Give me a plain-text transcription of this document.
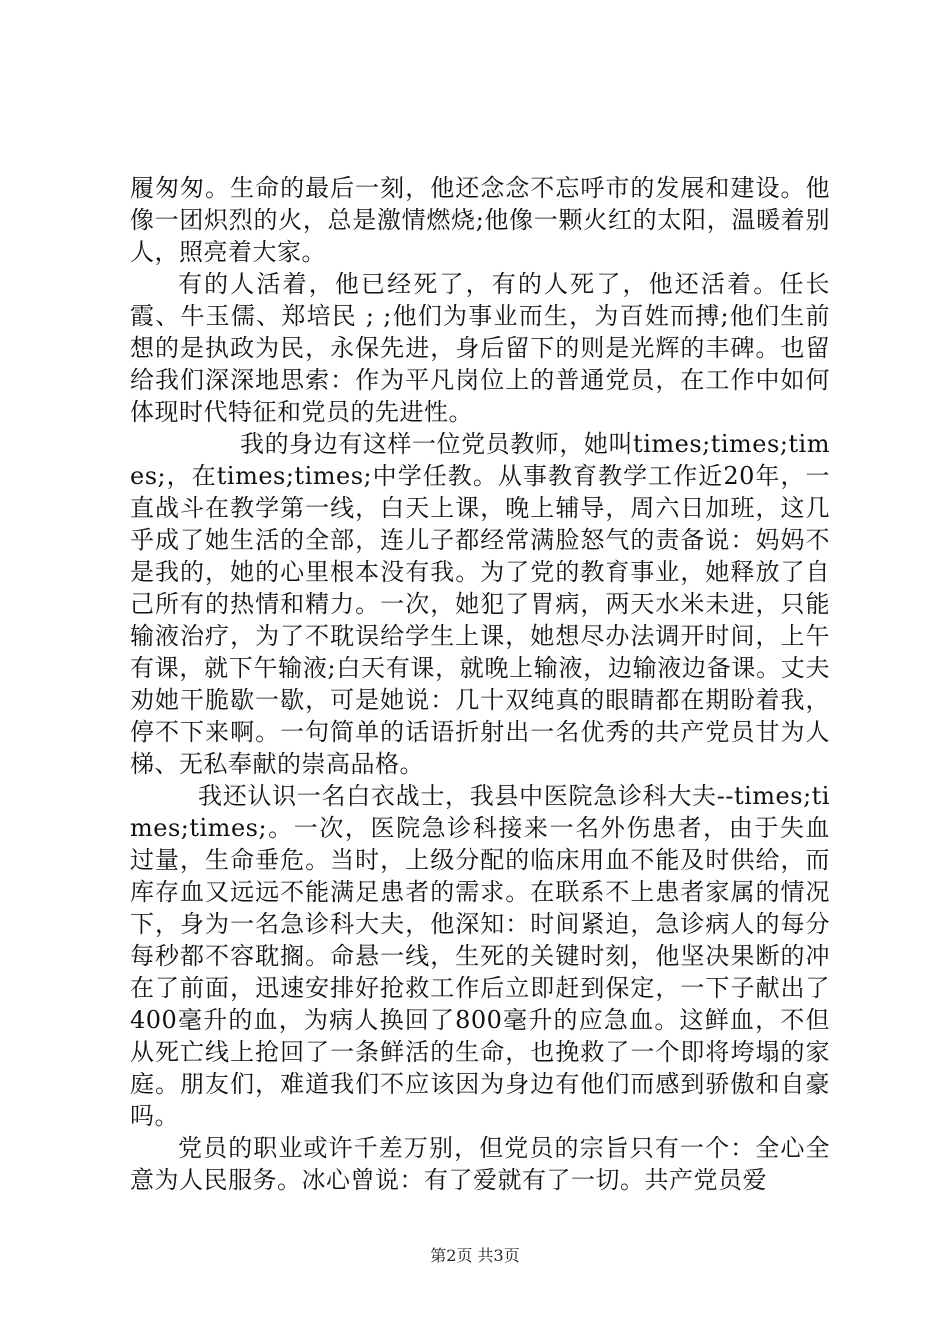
履匆匆。生命的最后一刻，他还念念不忘呼市的发展和建设。他像一团炽烈的火，总是激情燃烧;他像一颗火红的太阳，温暖着别人，照亮着大家。

有的人活着，他已经死了，有的人死了，他还活着。任长霞、牛玉儒、郑培民 ; ;他们为事业而生，为百姓而搏;他们生前想的是执政为民，永保先进，身后留下的则是光辉的丰碑。也留给我们深深地思索：作为平凡岗位上的普通党员，在工作中如何体现时代特征和党员的先进性。

我的身边有这样一位党员教师，她叫times;times;times;，在times;times;中学任教。从事教育教学工作近20年，一直战斗在教学第一线，白天上课，晚上辅导，周六日加班，这几乎成了她生活的全部，连儿子都经常满脸怒气的责备说：妈妈不是我的，她的心里根本没有我。为了党的教育事业，她释放了自己所有的热情和精力。一次，她犯了胃病，两天水米未进，只能输液治疗，为了不耽误给学生上课，她想尽办法调开时间，上午有课，就下午输液;白天有课，就晚上输液，边输液边备课。丈夫劝她干脆歇一歇，可是她说：几十双纯真的眼睛都在期盼着我，停不下来啊。一句简单的话语折射出一名优秀的共产党员甘为人梯、无私奉献的崇高品格。

我还认识一名白衣战士，我县中医院急诊科大夫--times;times;times;。一次，医院急诊科接来一名外伤患者，由于失血过量，生命垂危。当时，上级分配的临床用血不能及时供给，而库存血又远远不能满足患者的需求。在联系不上患者家属的情况下，身为一名急诊科大夫，他深知：时间紧迫，急诊病人的每分每秒都不容耽搁。命悬一线，生死的关键时刻，他坚决果断的冲在了前面，迅速安排好抢救工作后立即赶到保定，一下子献出了400毫升的血，为病人换回了800毫升的应急血。这鲜血，不但从死亡线上抢回了一条鲜活的生命，也挽救了一个即将垮塌的家庭。朋友们，难道我们不应该因为身边有他们而感到骄傲和自豪吗。

党员的职业或许千差万别，但党员的宗旨只有一个：全心全意为人民服务。冰心曾说：有了爱就有了一切。共产党员爱

第2页 共3页
